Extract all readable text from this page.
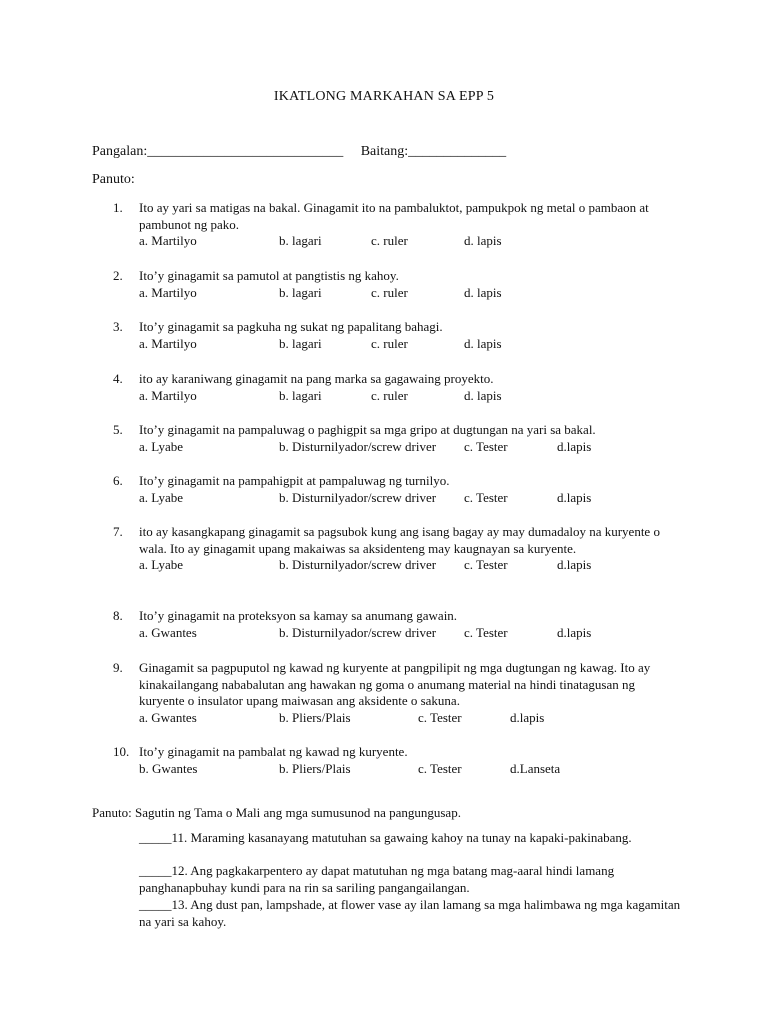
IKATLONG MARKAHAN SA EPP 5
Pangalan:____________________________ Baitang:______________
Panuto:
1.	Ito ay yari sa matigas na bakal. Ginagamit ito na pambaluktot, pampukpok ng metal o pambaon at pambunot ng pako.
a. Martilyo	b. lagari	c. ruler	d. lapis
2.	Ito’y ginagamit sa pamutol at pangtistis ng kahoy.
a. Martilyo	b. lagari	c. ruler	d. lapis
3.	Ito’y ginagamit sa pagkuha ng sukat ng papalitang bahagi.
a. Martilyo	b. lagari	c. ruler	d. lapis
4.	ito ay karaniwang ginagamit na pang marka sa gagawaing proyekto.
a. Martilyo	b. lagari	c. ruler	d. lapis
5.	Ito’y ginagamit na pampaluwag o paghigpit sa mga gripo at dugtungan na yari sa bakal.
a. Lyabe	b. Disturnilyador/screw driver c. Tester	d.lapis
6.	Ito’y ginagamit na pampahigpit at pampaluwag ng turnilyo.
a. Lyabe	b. Disturnilyador/screw driver c. Tester	d.lapis
7.	ito ay kasangkapang ginagamit sa pagsubok kung ang isang bagay ay may dumadaloy na kuryente o wala. Ito ay ginagamit upang makaiwas sa aksidenteng may kaugnayan sa kuryente.
a. Lyabe	b. Disturnilyador/screw driver c. Tester	d.lapis
8.	Ito’y ginagamit na proteksyon sa kamay sa anumang gawain.
a. Gwantes	b. Disturnilyador/screw driver c. Tester	d.lapis
9.	Ginagamit sa pagpuputol ng kawad ng kuryente at pangpilipit ng mga dugtungan ng kawag. Ito ay kinakailangang nababalutan ang hawakan ng goma o anumang material na hindi tinatagusan ng kuryente o insulator upang maiwasan ang aksidente o sakuna.
a. Gwantes	b. Pliers/Plais	c. Tester	d.lapis
10. Ito’y ginagamit na pambalat ng kawad ng kuryente.
b. Gwantes	b. Pliers/Plais	c. Tester	d.Lanseta
Panuto: Sagutin ng Tama o Mali ang mga sumusunod na pangungusap.
_____11. Maraming kasanayang matutuhan sa gawaing kahoy na tunay na kapaki-pakinabang.
_____12. Ang pagkakarpentero ay dapat matutuhan ng mga batang mag-aaral hindi lamang panghanapbuhay kundi para na rin sa sariling pangangailangan.
_____13. Ang dust pan, lampshade, at flower vase ay ilan lamang sa mga halimbawa ng mga kagamitan na yari sa kahoy.
